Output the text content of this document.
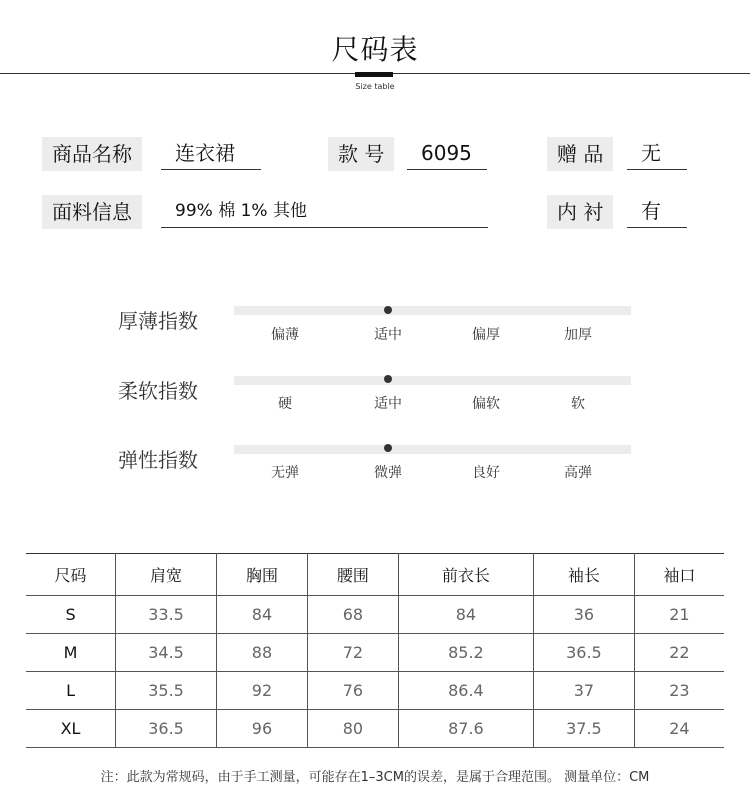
尺码表
Size table
商品名称	连衣裙	款 号	6095	赠 品	无
面料信息	99% 棉 1% 其他	内 衬	有
厚薄指数
偏薄	适中	偏厚	加厚
柔软指数
硬	适中	偏软	软
弹性指数
无弹	微弹	良好	高弹
尺码	肩宽	胸围	腰围	前衣长	袖长	袖口
S	33.5	84	68	84	36	21
M	34.5	88	72	85.2	36.5	22
L	35.5	92	76	86.4	37	23
XL	36.5	96	80	87.6	37.5	24
注：此款为常规码，由于手工测量，可能存在1–3CM的误差，是属于合理范围。 测量单位：CM
